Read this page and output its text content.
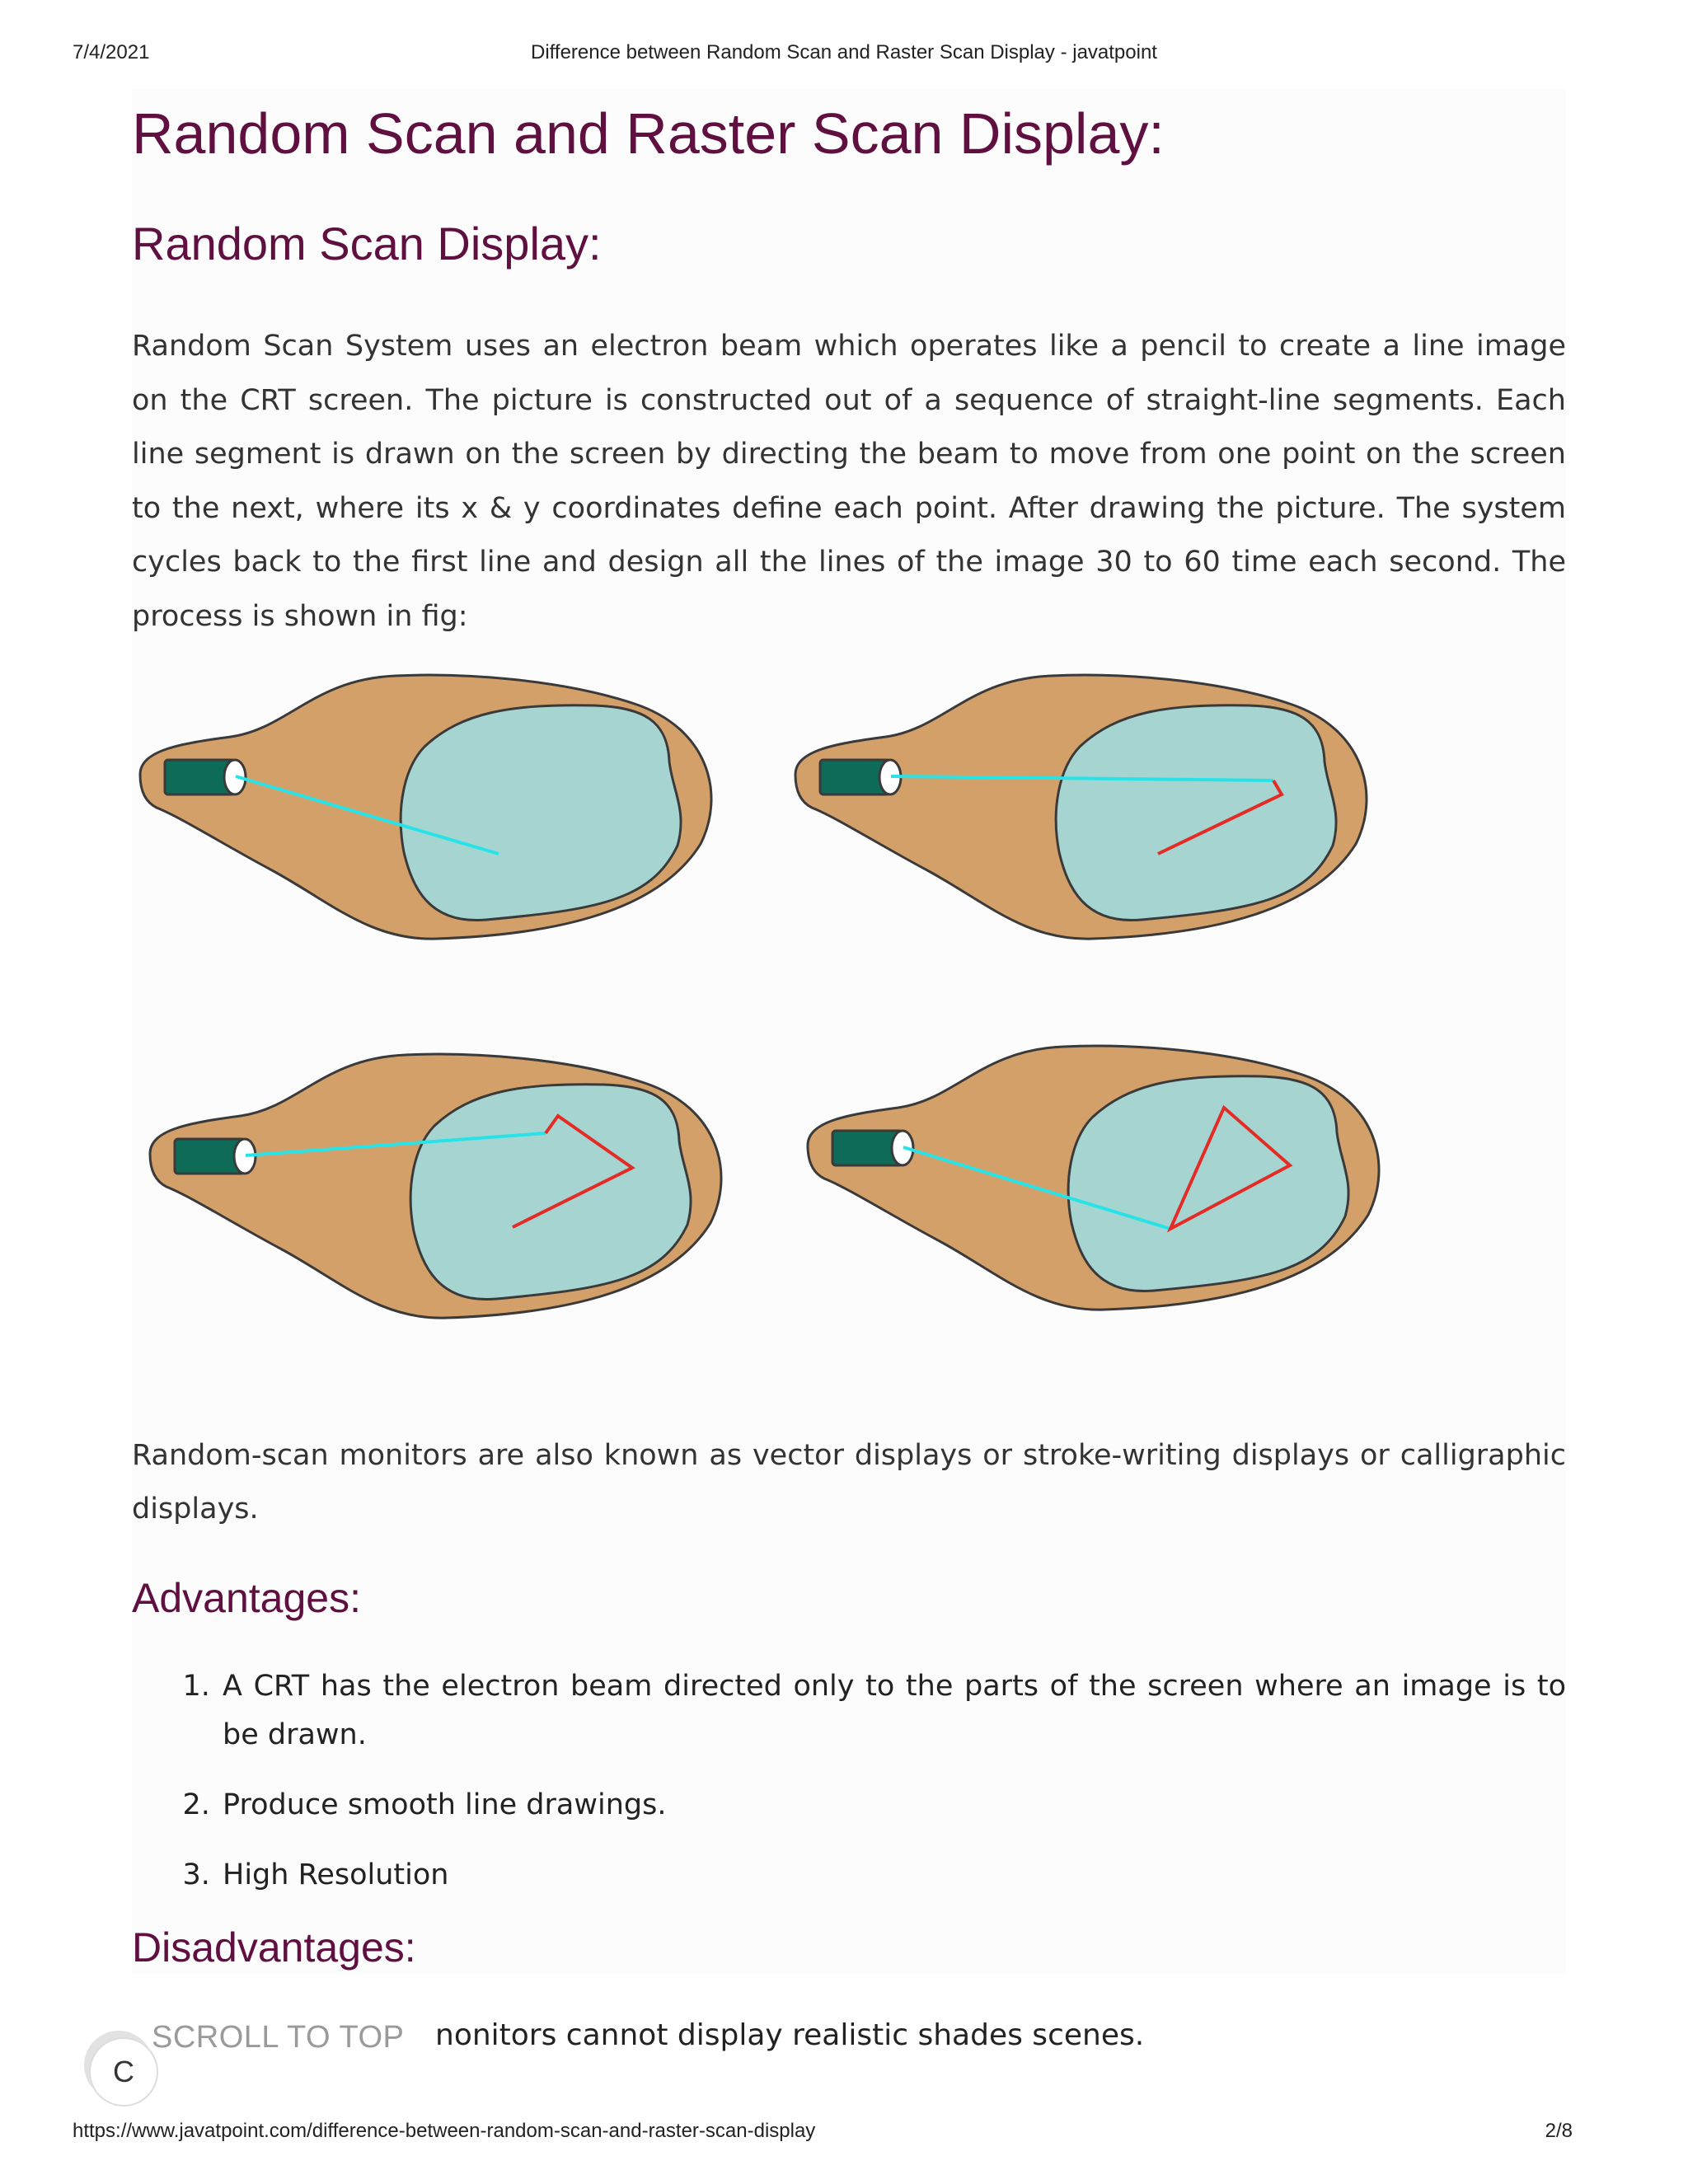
7/4/2021	Difference between Random Scan and Raster Scan Display - javatpoint
Random Scan and Raster Scan Display:
Random Scan Display:

Random Scan System uses an electron beam which operates like a pencil to create a line image on the CRT screen. The picture is constructed out of a sequence of straight-line segments. Each line segment is drawn on the screen by directing the beam to move from one point on the screen to the next, where its x & y coordinates define each point. After drawing the picture. The system cycles back to the first line and design all the lines of the image 30 to 60 time each second. The process is shown in fig:

Random-scan monitors are also known as vector displays or stroke-writing displays or calligraphic displays.

Advantages:
1. A CRT has the electron beam directed only to the parts of the screen where an image is to be drawn.
2. Produce smooth line drawings.
3. High Resolution
Disadvantages:
nonitors cannot display realistic shades scenes.
SCROLL TO TOP
C
https://www.javatpoint.com/difference-between-random-scan-and-raster-scan-display	2/8
